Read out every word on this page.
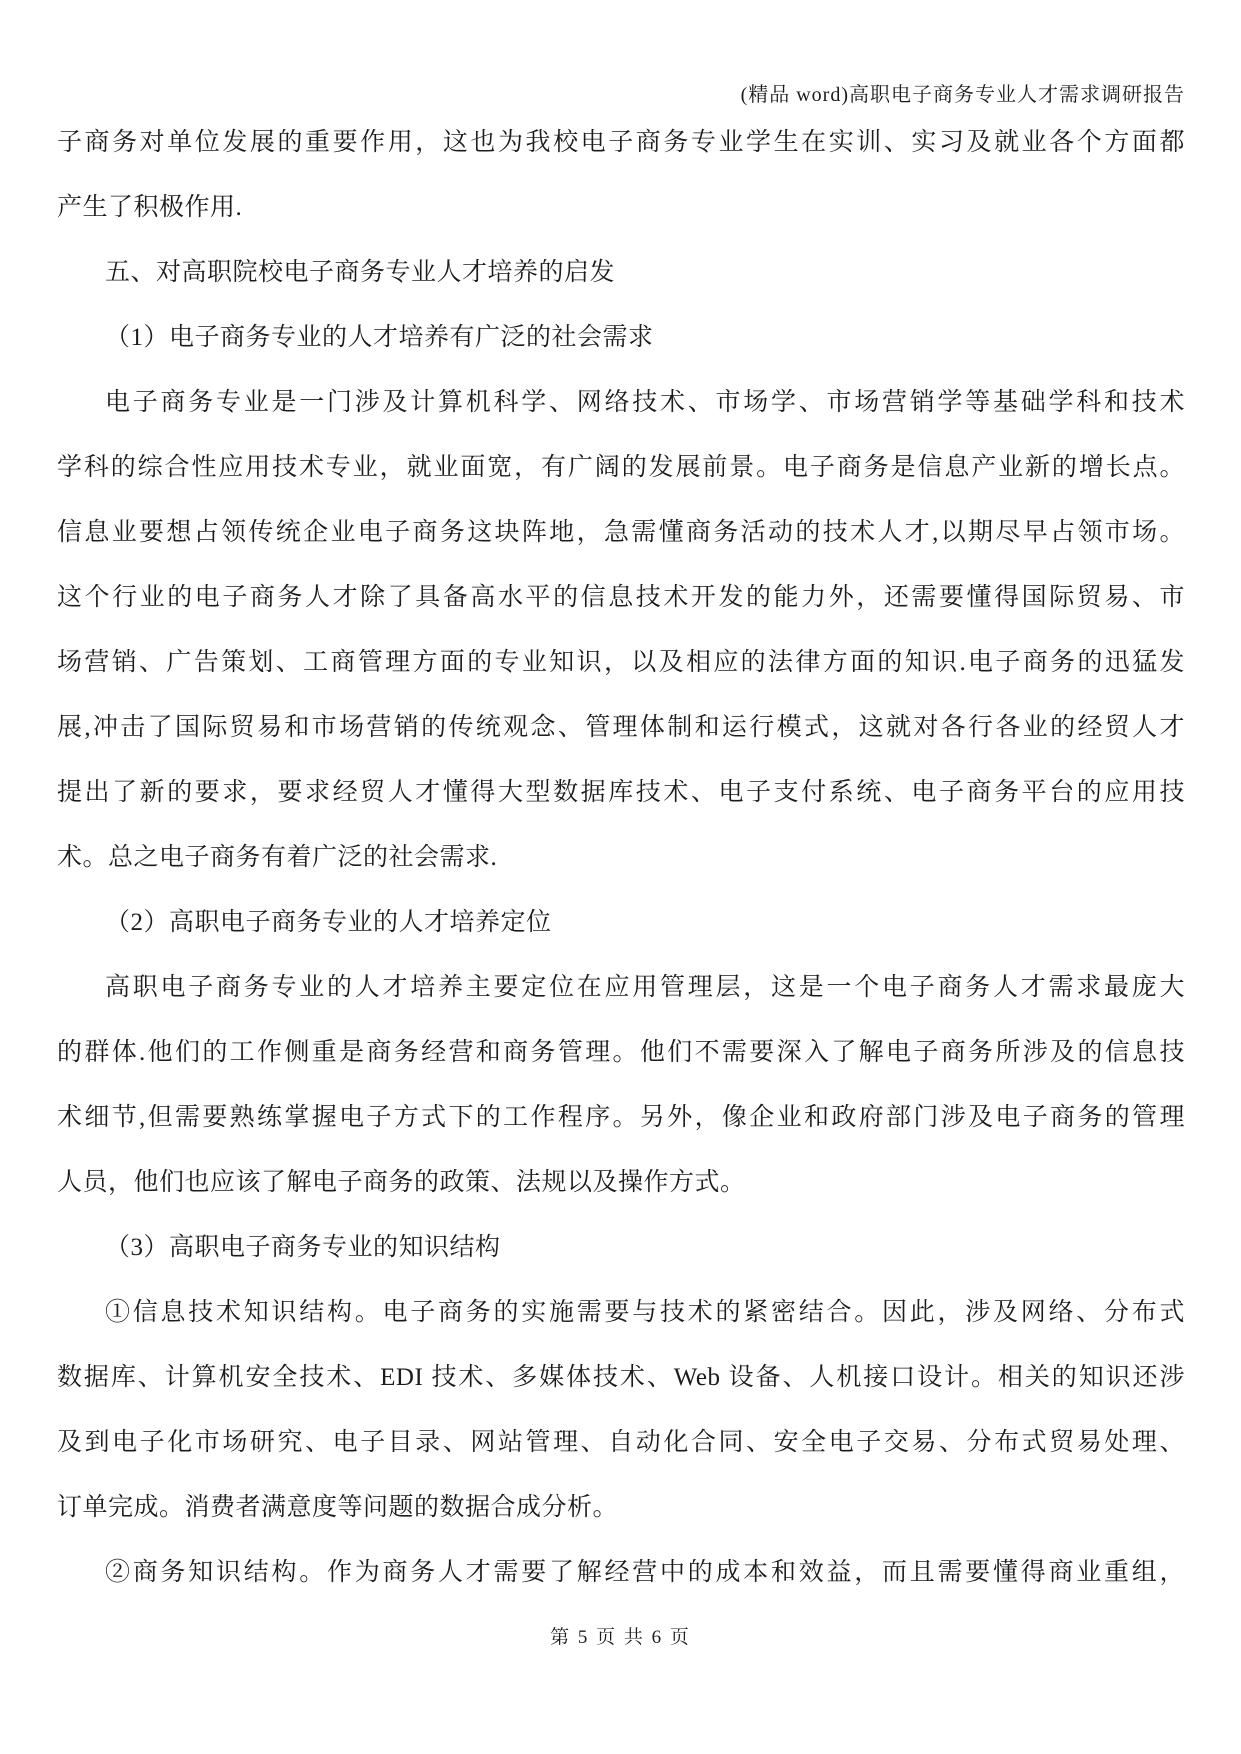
(精品 word)高职电子商务专业人才需求调研报告
子商务对单位发展的重要作用，这也为我校电子商务专业学生在实训、实习及就业各个方面都
产生了积极作用.
五、对高职院校电子商务专业人才培养的启发
（1）电子商务专业的人才培养有广泛的社会需求
电子商务专业是一门涉及计算机科学、网络技术、市场学、市场营销学等基础学科和技术
学科的综合性应用技术专业，就业面宽，有广阔的发展前景。电子商务是信息产业新的增长点。
信息业要想占领传统企业电子商务这块阵地，急需懂商务活动的技术人才,以期尽早占领市场。
这个行业的电子商务人才除了具备高水平的信息技术开发的能力外，还需要懂得国际贸易、市
场营销、广告策划、工商管理方面的专业知识，以及相应的法律方面的知识.电子商务的迅猛发
展,冲击了国际贸易和市场营销的传统观念、管理体制和运行模式，这就对各行各业的经贸人才
提出了新的要求，要求经贸人才懂得大型数据库技术、电子支付系统、电子商务平台的应用技
术。总之电子商务有着广泛的社会需求.
（2）高职电子商务专业的人才培养定位
高职电子商务专业的人才培养主要定位在应用管理层，这是一个电子商务人才需求最庞大
的群体.他们的工作侧重是商务经营和商务管理。他们不需要深入了解电子商务所涉及的信息技
术细节,但需要熟练掌握电子方式下的工作程序。另外，像企业和政府部门涉及电子商务的管理
人员，他们也应该了解电子商务的政策、法规以及操作方式。
（3）高职电子商务专业的知识结构
①信息技术知识结构。电子商务的实施需要与技术的紧密结合。因此，涉及网络、分布式
数据库、计算机安全技术、EDI 技术、多媒体技术、Web 设备、人机接口设计。相关的知识还涉
及到电子化市场研究、电子目录、网站管理、自动化合同、安全电子交易、分布式贸易处理、
订单完成。消费者满意度等问题的数据合成分析。
②商务知识结构。作为商务人才需要了解经营中的成本和效益，而且需要懂得商业重组，
第 5 页 共 6 页
